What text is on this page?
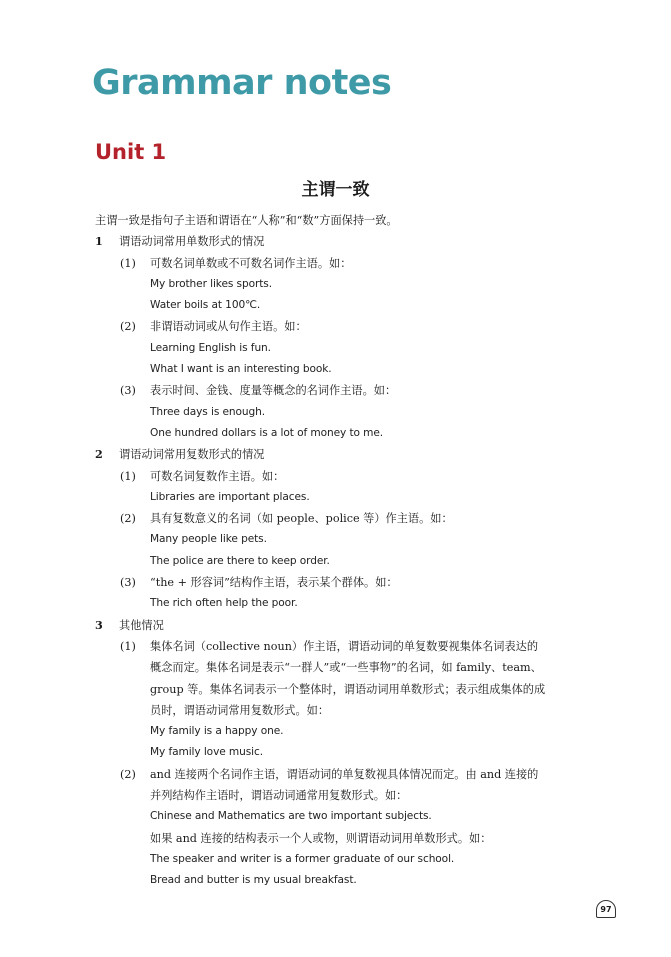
Grammar notes
Unit 1
主谓一致
主谓一致是指句子主语和谓语在“人称”和“数”方面保持一致。
1 谓语动词常用单数形式的情况
(1) 可数名词单数或不可数名词作主语。如：
My brother likes sports.
Water boils at 100℃.
(2) 非谓语动词或从句作主语。如：
Learning English is fun.
What I want is an interesting book.
(3) 表示时间、金钱、度量等概念的名词作主语。如：
Three days is enough.
One hundred dollars is a lot of money to me.
2 谓语动词常用复数形式的情况
(1) 可数名词复数作主语。如：
Libraries are important places.
(2) 具有复数意义的名词（如 people、police 等）作主语。如：
Many people like pets.
The police are there to keep order.
(3) “the + 形容词”结构作主语，表示某个群体。如：
The rich often help the poor.
3 其他情况
(1) 集体名词（collective noun）作主语，谓语动词的单复数要视集体名词表达的
概念而定。集体名词是表示“一群人”或“一些事物”的名词，如 family、team、
group 等。集体名词表示一个整体时，谓语动词用单数形式；表示组成集体的成
员时，谓语动词常用复数形式。如：
My family is a happy one.
My family love music.
(2) and 连接两个名词作主语，谓语动词的单复数视具体情况而定。由 and 连接的
并列结构作主语时，谓语动词通常用复数形式。如：
Chinese and Mathematics are two important subjects.
如果 and 连接的结构表示一个人或物，则谓语动词用单数形式。如：
The speaker and writer is a former graduate of our school.
Bread and butter is my usual breakfast.
97
